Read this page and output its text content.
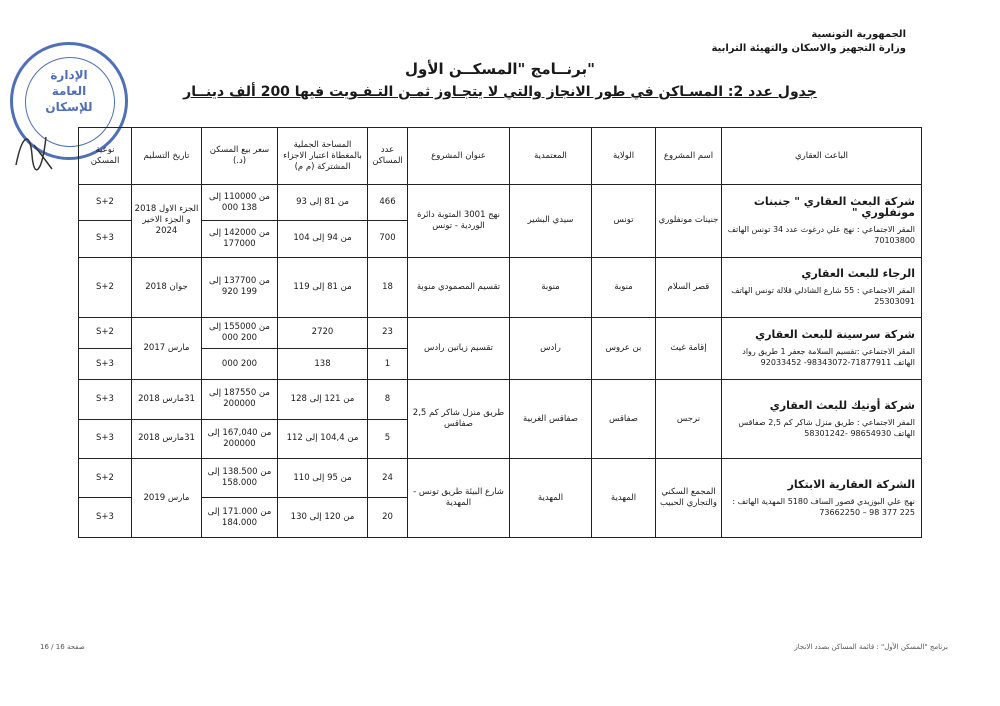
الجمهورية التونسية
وزارة التجهيز والاسكان والتهيئة الترابية
برنــامج "المسكــن الأول"
جدول عدد 2: المسـاكن في طور الانجاز والتي لا يتجـاوز ثمـن التـفـويت فيها 200 ألف دينــار
الإدارة
العامة
للإسكان
الباعث العقاري	اسم المشروع	الولاية	المعتمدية	عنوان المشروع	عدد المساكن	المساحة الجملية بالمغطاة اعتبار الاجزاء المشتركة (م م)	سعر بيع المسكن (د.)	تاريخ التسليم	نوعية المسكن

شركة البعث العقاري " جنبنات مونفلوري "
المقر الاجتماعي : نهج علي درغوث عدد 34 تونس الهاتف 70103800	جنينات مونفلوري	تونس	سيدي البشير	نهج 3001 المتوبة دائرة الوردية - تونس	466	من 81 إلى 93	من 110000 إلى 138 000	الجزء الاول 2018 و الجزء الاخير 2024	S+2
					700	من 94 إلى 104	من 142000 إلى 177000		S+3

الرجاء للبعث العقاري
المقر الاجتماعي : 55 شارع الشاذلي قلالة تونس الهاتف 25303091	قصر السلام	منوبة	منوبة	تقسيم المصمودي منوبة	18	من 81 إلى 119	من 137700 إلى 199 920	جوان 2018	S+2

شركة سرسينة للبعث العقاري
المقر الاجتماعي :تقسيم السلامة جعفر 1 طريق رواد الهاتف 71877911-98343072- 92033452	إقامة غيث	بن عروس	رادس	تقسيم زياتين رادس	23	2720	من 155000 إلى 200 000	مارس 2017	S+2
					1	138	200 000		S+3

شركة أوتيك للبعث العقاري
المقر الاجتماعي : طريق منزل شاكر كم 2,5 صفاقس الهاتف 98654930 -58301242	نرجس	صفاقس	صفاقس الغربية	طريق منزل شاكر كم 2,5 صفاقس	8	من 121 إلى 128	من 187550 إلى 200000	31مارس 2018	S+3
					5	من 104,4 إلى 112	من 167,040 إلى 200000	31مارس 2018	S+3

الشركة العقارية الابتكار
نهج علي البوزيدي قصور الساف 5180 المهدية الهاتف : 225 377 98 – 73662250	المجمع السكني والتجاري الحبيب	المهدية	المهدية	شارع البيئة طريق تونس - المهدية	24	من 95 إلى 110	من 138.500 إلى 158.000	مارس 2019	S+2
					20	من 120 إلى 130	من 171.000 إلى 184.000		S+3
برنامج "المسكن الأول" : قائمة المساكن بصدد الانجاز
صفحة 16 / 16
